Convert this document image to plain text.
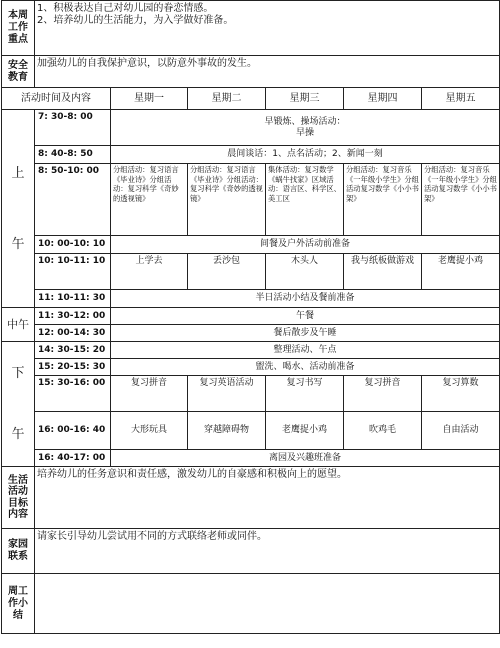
本周
工作
重点	1、积极表达自己对幼儿园的眷恋情感。
2、培养幼儿的生活能力，为入学做好准备。					

安全
教育	加强幼儿的自我保护意识，以防意外事故的发生。					
活动时间及内容		星期一	星期二	星期三	星期四	星期五

上
午	7: 30-8: 00	早锻炼、操场活动：
早操				

	8: 40-8: 50	晨间谈话：1、点名活动；2、新闻一刻				
	8: 50-10: 00	分组活动：复习语言《毕业诗》分组活动：复习科学《奇妙的透视镜》	分组活动：复习语言《毕业诗》分组活动：复习科学《奇妙的透视镜》	集体活动：复习数学《蜗牛找家》区域活动：语言区、科学区、美工区	分组活动：复习音乐《一年级小学生》分组活动复习数学《小小书架》	分组活动：复习音乐《一年级小学生》分组活动复习数学《小小书架》
	10: 00-10: 10	间餐及户外活动前准备				
	10: 10-11: 10	上学去	丢沙包	木头人	我与纸板做游戏	老鹰捉小鸡
	11: 10-11: 30	半日活动小结及餐前准备				
中午	11: 30-12: 00	午餐				
	12: 00-14: 30	餐后散步及午睡				

下
午	14: 30-15: 20	整理活动、午点				
	15: 20-15: 30	盥洗、喝水、活动前准备				
	15: 30-16: 00	复习拼音	复习英语活动	复习书写	复习拼音	复习算数
	16: 00-16: 40	大形玩具	穿越障碍物	老鹰捉小鸡	吹鸡毛	自由活动
	16: 40-17: 00	离园及兴趣班准备				

生活
活动
目标
内容	培养幼儿的任务意识和责任感，激发幼儿的自豪感和积极向上的愿望。					

家园
联系	请家长引导幼儿尝试用不同的方式联络老师或同伴。					

周工
作小
结						
